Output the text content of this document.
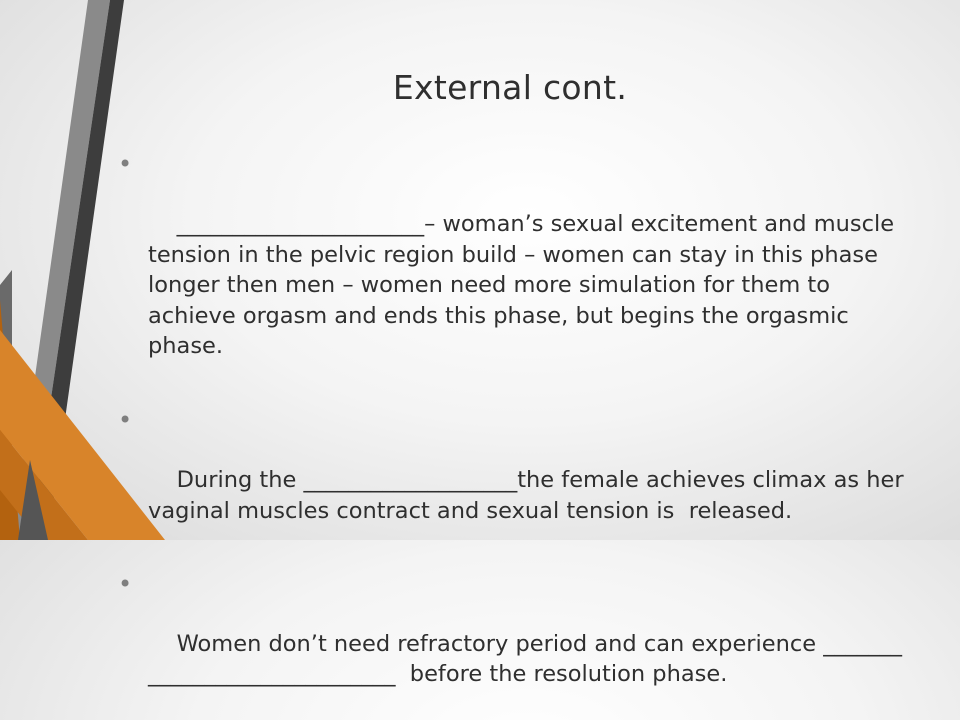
External cont.

•

______________________– woman’s sexual excitement and muscle tension in the pelvic region build – women can stay in this phase longer then men – women need more simulation for them to achieve orgasm and ends this phase, but begins the orgasmic phase.

•

During the ___________________the female achieves climax as her vaginal muscles contract and sexual tension is  released.

•

Women don’t need refractory period and can experience _______ ______________________  before the resolution phase.
